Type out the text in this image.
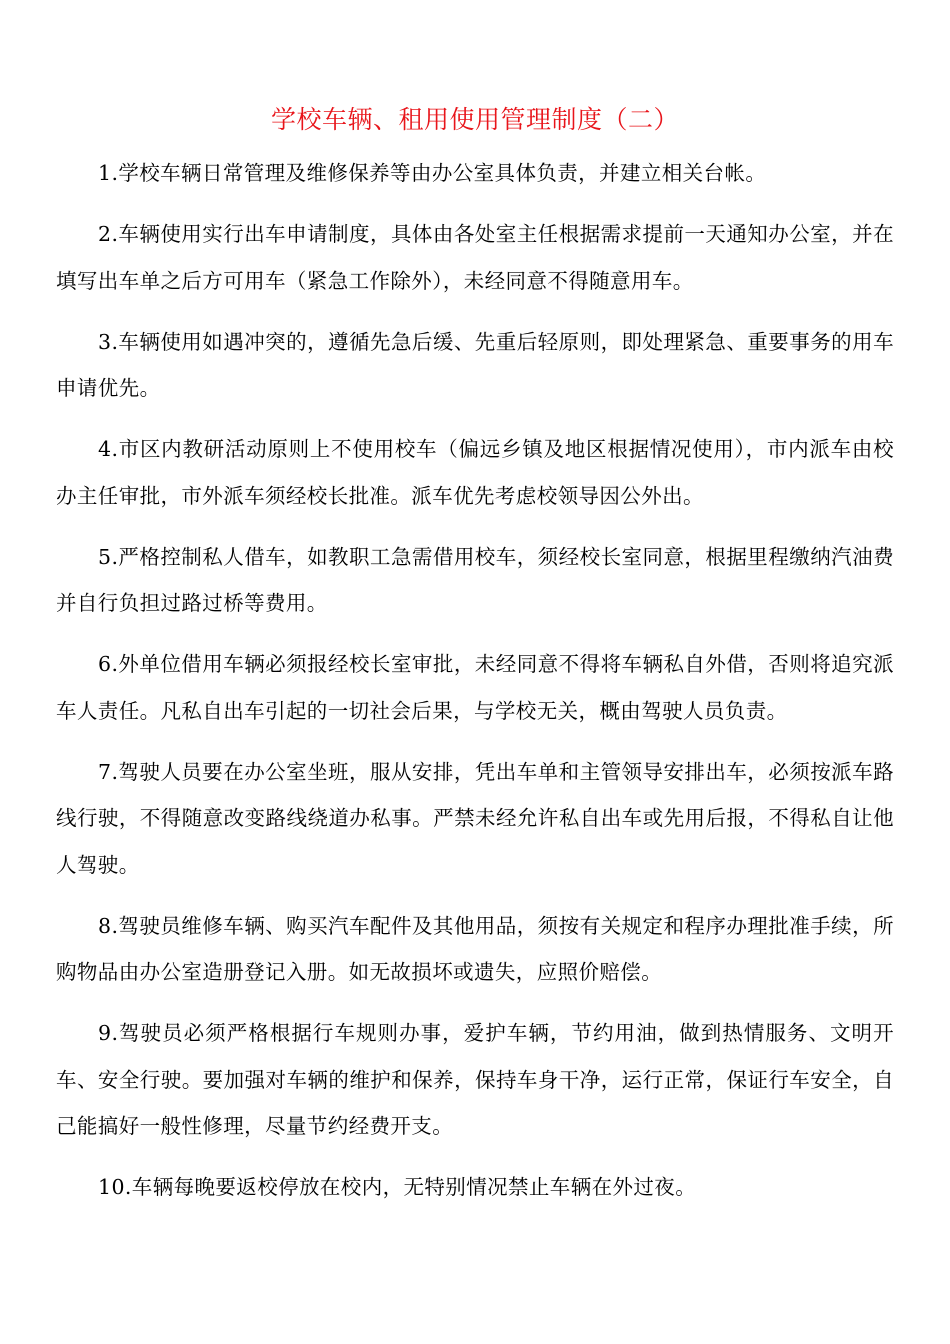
学校车辆、租用使用管理制度（二）

1.学校车辆日常管理及维修保养等由办公室具体负责，并建立相关台帐。

2.车辆使用实行出车申请制度，具体由各处室主任根据需求提前一天通知办公室，并在填写出车单之后方可用车（紧急工作除外），未经同意不得随意用车。

3.车辆使用如遇冲突的，遵循先急后缓、先重后轻原则，即处理紧急、重要事务的用车申请优先。

4.市区内教研活动原则上不使用校车（偏远乡镇及地区根据情况使用），市内派车由校办主任审批，市外派车须经校长批准。派车优先考虑校领导因公外出。

5.严格控制私人借车，如教职工急需借用校车，须经校长室同意，根据里程缴纳汽油费并自行负担过路过桥等费用。

6.外单位借用车辆必须报经校长室审批，未经同意不得将车辆私自外借，否则将追究派车人责任。凡私自出车引起的一切社会后果，与学校无关，概由驾驶人员负责。

7.驾驶人员要在办公室坐班，服从安排，凭出车单和主管领导安排出车，必须按派车路线行驶，不得随意改变路线绕道办私事。严禁未经允许私自出车或先用后报，不得私自让他人驾驶。

8.驾驶员维修车辆、购买汽车配件及其他用品，须按有关规定和程序办理批准手续，所购物品由办公室造册登记入册。如无故损坏或遗失，应照价赔偿。

9.驾驶员必须严格根据行车规则办事，爱护车辆，节约用油，做到热情服务、文明开车、安全行驶。要加强对车辆的维护和保养，保持车身干净，运行正常，保证行车安全，自己能搞好一般性修理，尽量节约经费开支。

10.车辆每晚要返校停放在校内，无特别情况禁止车辆在外过夜。
